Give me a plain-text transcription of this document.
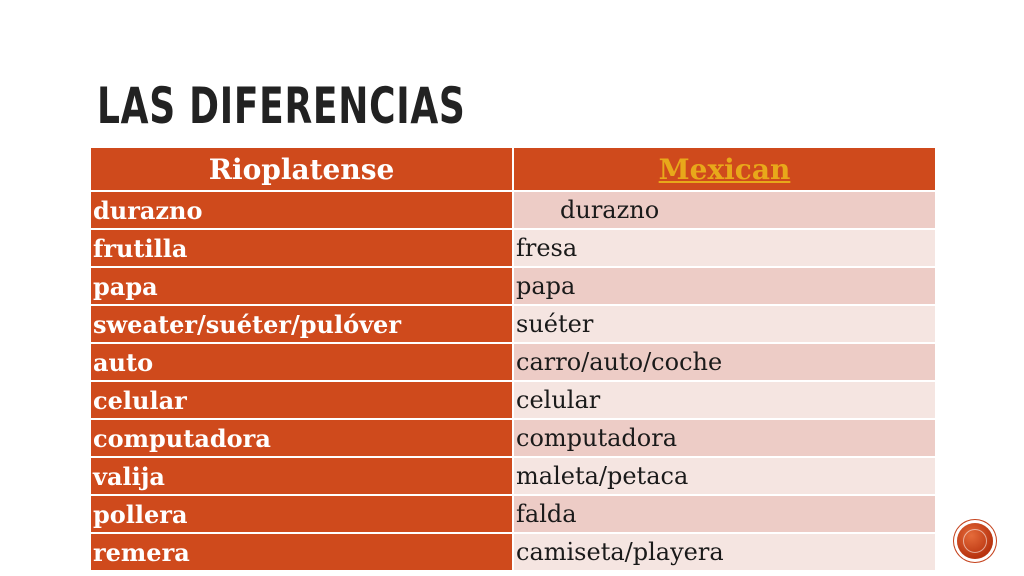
LAS DIFERENCIAS
Rioplatense	Mexican
durazno	durazno
frutilla	fresa
papa	papa
sweater/suéter/pulóver	suéter
auto	carro/auto/coche
celular	celular
computadora	computadora
valija	maleta/petaca
pollera	falda
remera	camiseta/playera
